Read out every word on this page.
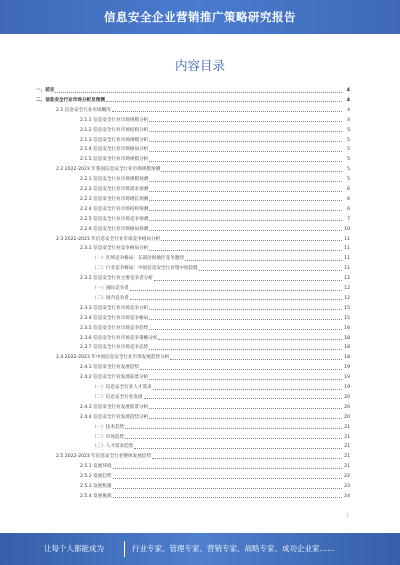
信息安全企业营销推广策略研究报告
内容目录
一、前言	4
二、信息安全行业市场分析及预测	4
2.1 信息安全行业市场概况	4
2.1.1 信息安全行业市场规模分析	4
2.1.2 信息安全行业市场结构分析	5
2.1.3 信息安全行业市场规模分析	5
2.1.4 信息安全行业市场格局分析	5
2.1.5 信息安全行业市场规模分析	5
2.2 2022-2023 年我国信息安全行业市场规模预测	5
2.2.1 信息安全行业市场规模预测	5
2.2.2 信息安全行业市场需求预测	6
2.2.3 信息安全行业市场增长预测	6
2.2.4 信息安全行业市场结构预测	6
2.2.5 信息安全行业市场竞争预测	7
2.2.6 信息安全行业市场格局预测	10
2.3 2022-2023 年信息安全行业市场竞争格局分析	11
2.3.1 信息安全行业竞争格局分析	11
（一）区域竞争格局：东部沿海地区竞争激烈	11
（二）行业竞争格局：中国信息安全行业集中度较低	11
2.3.2 信息安全行业主要竞争者分析	12
（一）国际竞争者	12
（二）国内竞争者	12
2.3.3 信息安全行业市场竞争分析	15
2.3.4 信息安全行业市场竞争格局	15
2.3.5 信息安全行业市场竞争趋势	16
2.3.6 信息安全行业市场竞争策略分析	18
2.3.7 信息安全行业市场竞争态势	18
2.4 2022-2023 年中国信息安全行业市场发展趋势分析	18
2.4.1 信息安全行业发展趋势	19
2.4.2 信息安全行业发展前景分析	19
（一）信息安全行业人才需求	19
（二）信息安全行业发展	20
2.4.3 信息安全行业发展前景分析	20
2.4.4 信息安全行业发展趋势分析	20
（一）技术趋势	21
（二）市场趋势	21
（三）人才需求趋势	21
2.5 2022-2023 年信息安全行业整体发展趋势	21
2.5.1 发展环境	21
2.5.2 发展趋势	22
2.5.3 发展机遇	23
2.5.4 发展挑战	24
1
让每个人都能成为	行业专家、管理专家、营销专家、战略专家、成功企业家……
